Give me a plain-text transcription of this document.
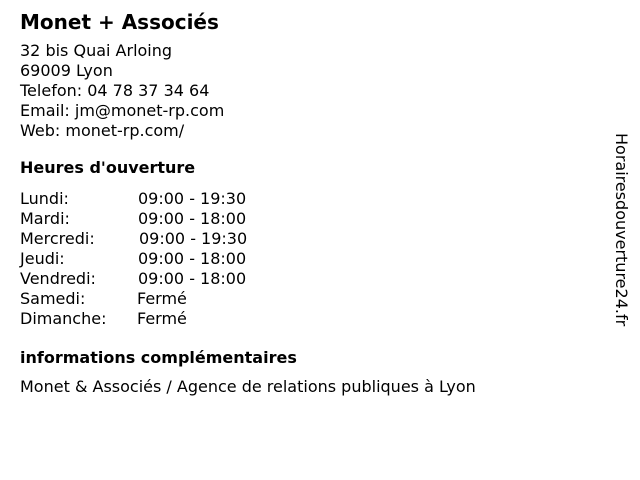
Monet + Associés
32 bis Quai Arloing
69009 Lyon
Telefon: 04 78 37 34 64
Email: jm@monet-rp.com
Web: monet-rp.com/
Heures d'ouverture
Lundi:	09:00 - 19:30
Mardi:	09:00 - 18:00
Mercredi:	09:00 - 19:30
Jeudi:	09:00 - 18:00
Vendredi:	09:00 - 18:00
Samedi:	Fermé
Dimanche:	Fermé
informations complémentaires
Monet & Associés / Agence de relations publiques à Lyon
Horairesdouverture24.fr
